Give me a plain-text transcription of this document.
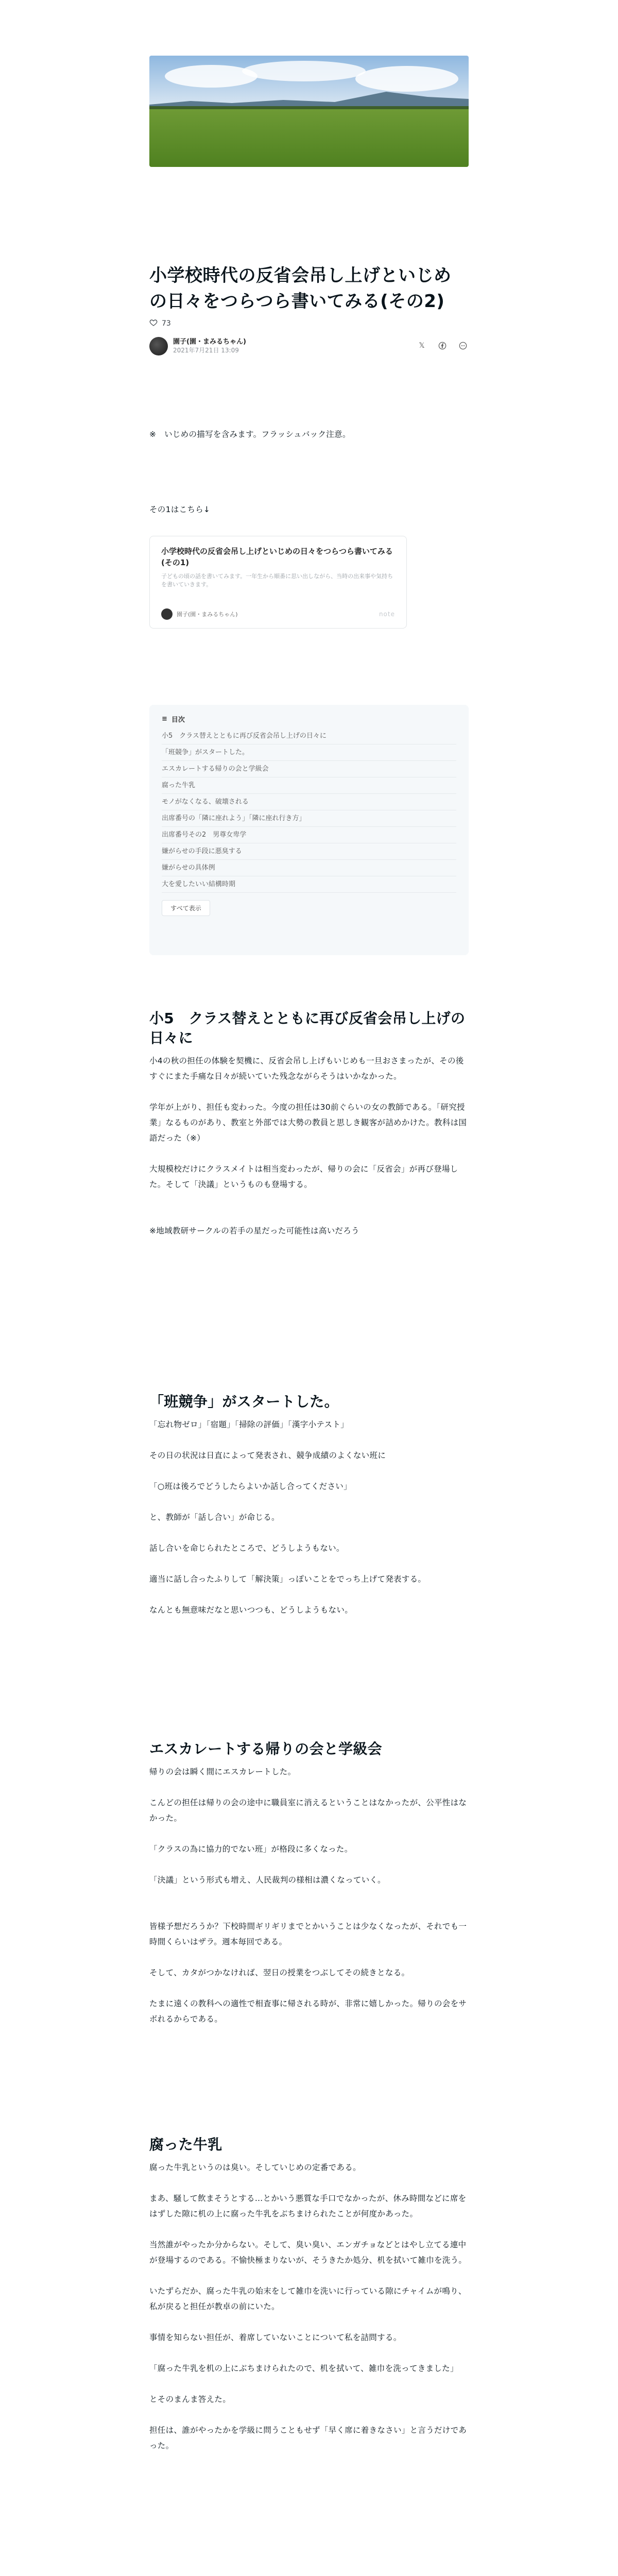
小学校時代の反省会吊し上げといじめの日々をつらつら書いてみる(その2)
73
園子(園・まみるちゃん)
2021年7月21日 13:09
𝕏

※　いじめの描写を含みます。フラッシュバック注意。

その1はこちら↓

小学校時代の反省会吊し上げといじめの日々をつらつら書いてみる(その1)
子どもの頃の話を書いてみます。一年生から順番に思い出しながら、当時の出来事や気持ちを書いていきます。
園子(園・まみるちゃん)	note
≡ 目次
小5　クラス替えとともに再び反省会吊し上げの日々に
「班競争」がスタートした。
エスカレートする帰りの会と学級会
腐った牛乳
モノがなくなる、破壊される
出席番号の「隣に座れよう」「隣に座れ行き方」
出席番号その2　男尊女卑学
嫌がらせの手段に悪臭する
嫌がらせの具体例
大を愛したいい結構時期
すべて表示
小5　クラス替えとともに再び反省会吊し上げの日々に

小4の秋の担任の体験を契機に、反省会吊し上げもいじめも一旦おさまったが、その後すぐにまた手痛な日々が続いていた残念ながらそうはいかなかった。

学年が上がり、担任も変わった。今度の担任は30前ぐらいの女の教師である。「研究授業」なるものがあり、教室と外部では大勢の教員と思しき観客が詰めかけた。教科は国語だった（※）

大規模校だけにクラスメイトは相当変わったが、帰りの会に「反省会」が再び登場した。そして「決議」というものも登場する。

※地域教研サークルの若手の星だった可能性は高いだろう

「班競争」がスタートした。

「忘れ物ゼロ」「宿題」「掃除の評価」「漢字小テスト」

その日の状況は日直によって発表され、競争成績のよくない班に

「○班は後ろでどうしたらよいか話し合ってください」

と、教師が「話し合い」が命じる。

話し合いを命じられたところで、どうしようもない。

適当に話し合ったふりして「解決策」っぽいことをでっち上げて発表する。

なんとも無意味だなと思いつつも、どうしようもない。

エスカレートする帰りの会と学級会

帰りの会は瞬く間にエスカレートした。

こんどの担任は帰りの会の途中に職員室に消えるということはなかったが、公平性はなかった。

「クラスの為に協力的でない班」が格段に多くなった。

「決議」という形式も増え、人民裁判の様相は濃くなっていく。

皆様予想だろうか？下校時間ギリギリまでとかいうことは少なくなったが、それでも一時間くらいはザラ。週本毎回である。

そして、カタがつかなければ、翌日の授業をつぶしてその続きとなる。

たまに遠くの教科への適性で相査事に帰される時が、非常に嬉しかった。帰りの会をサボれるからである。

腐った牛乳

腐った牛乳というのは臭い。そしていじめの定番である。

まあ、騒して飲まそうとする…とかいう悪質な手口でなかったが、休み時間などに席をはずした隙に机の上に腐った牛乳をぶちまけられたことが何度かあった。

当然誰がやったか分からない。そして、臭い臭い、エンガチョなどとはやし立てる連中が登場するのである。不愉快極まりないが、そうきたか処分、机を拭いて雑巾を洗う。

いたずらだか、腐った牛乳の始末をして雑巾を洗いに行っている隙にチャイムが鳴り、私が戻ると担任が教卓の前にいた。

事情を知らない担任が、着席していないことについて私を詰問する。

「腐った牛乳を机の上にぶちまけられたので、机を拭いて、雑巾を洗ってきました」

とそのまんま答えた。

担任は、誰がやったかを学級に問うこともせず「早く席に着きなさい」と言うだけであった。
